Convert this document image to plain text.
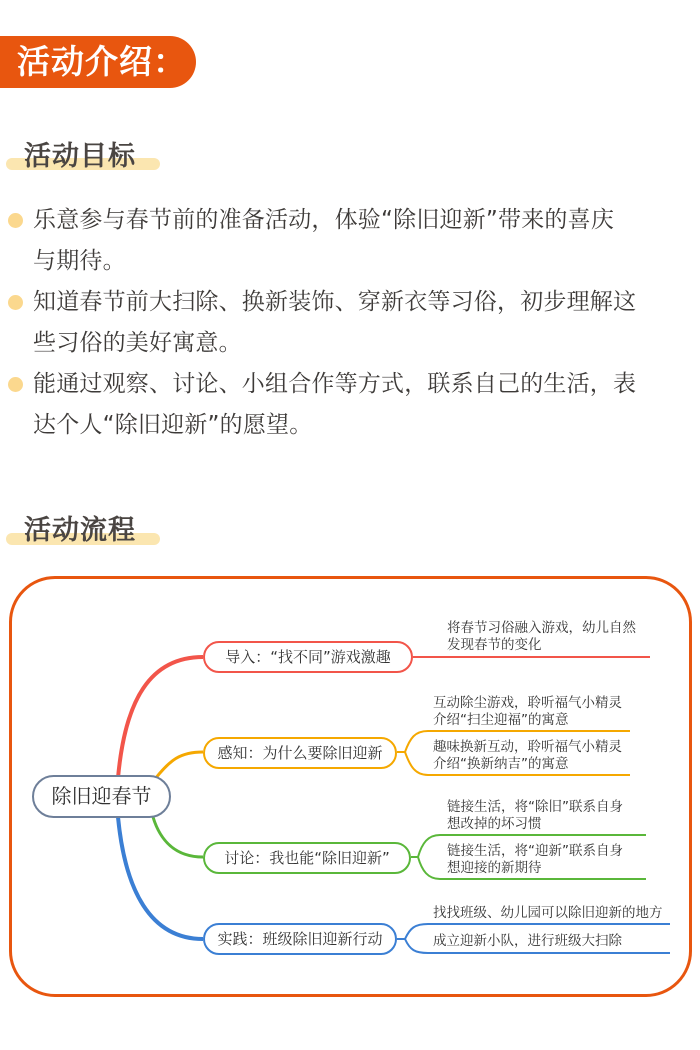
活动介绍：
活动目标
乐意参与春节前的准备活动，体验“除旧迎新”带来的喜庆
与期待。
知道春节前大扫除、换新装饰、穿新衣等习俗，初步理解这
些习俗的美好寓意。
能通过观察、讨论、小组合作等方式，联系自己的生活，表
达个人“除旧迎新”的愿望。
活动流程
除旧迎春节
导入：“找不同”游戏激趣
感知：为什么要除旧迎新
讨论：我也能“除旧迎新”
实践：班级除旧迎新行动
将春节习俗融入游戏，幼儿自然
发现春节的变化
互动除尘游戏，聆听福气小精灵
介绍“扫尘迎福”的寓意
趣味换新互动，聆听福气小精灵
介绍“换新纳吉”的寓意
链接生活，将“除旧”联系自身
想改掉的坏习惯
链接生活，将“迎新”联系自身
想迎接的新期待
找找班级、幼儿园可以除旧迎新的地方
成立迎新小队，进行班级大扫除
